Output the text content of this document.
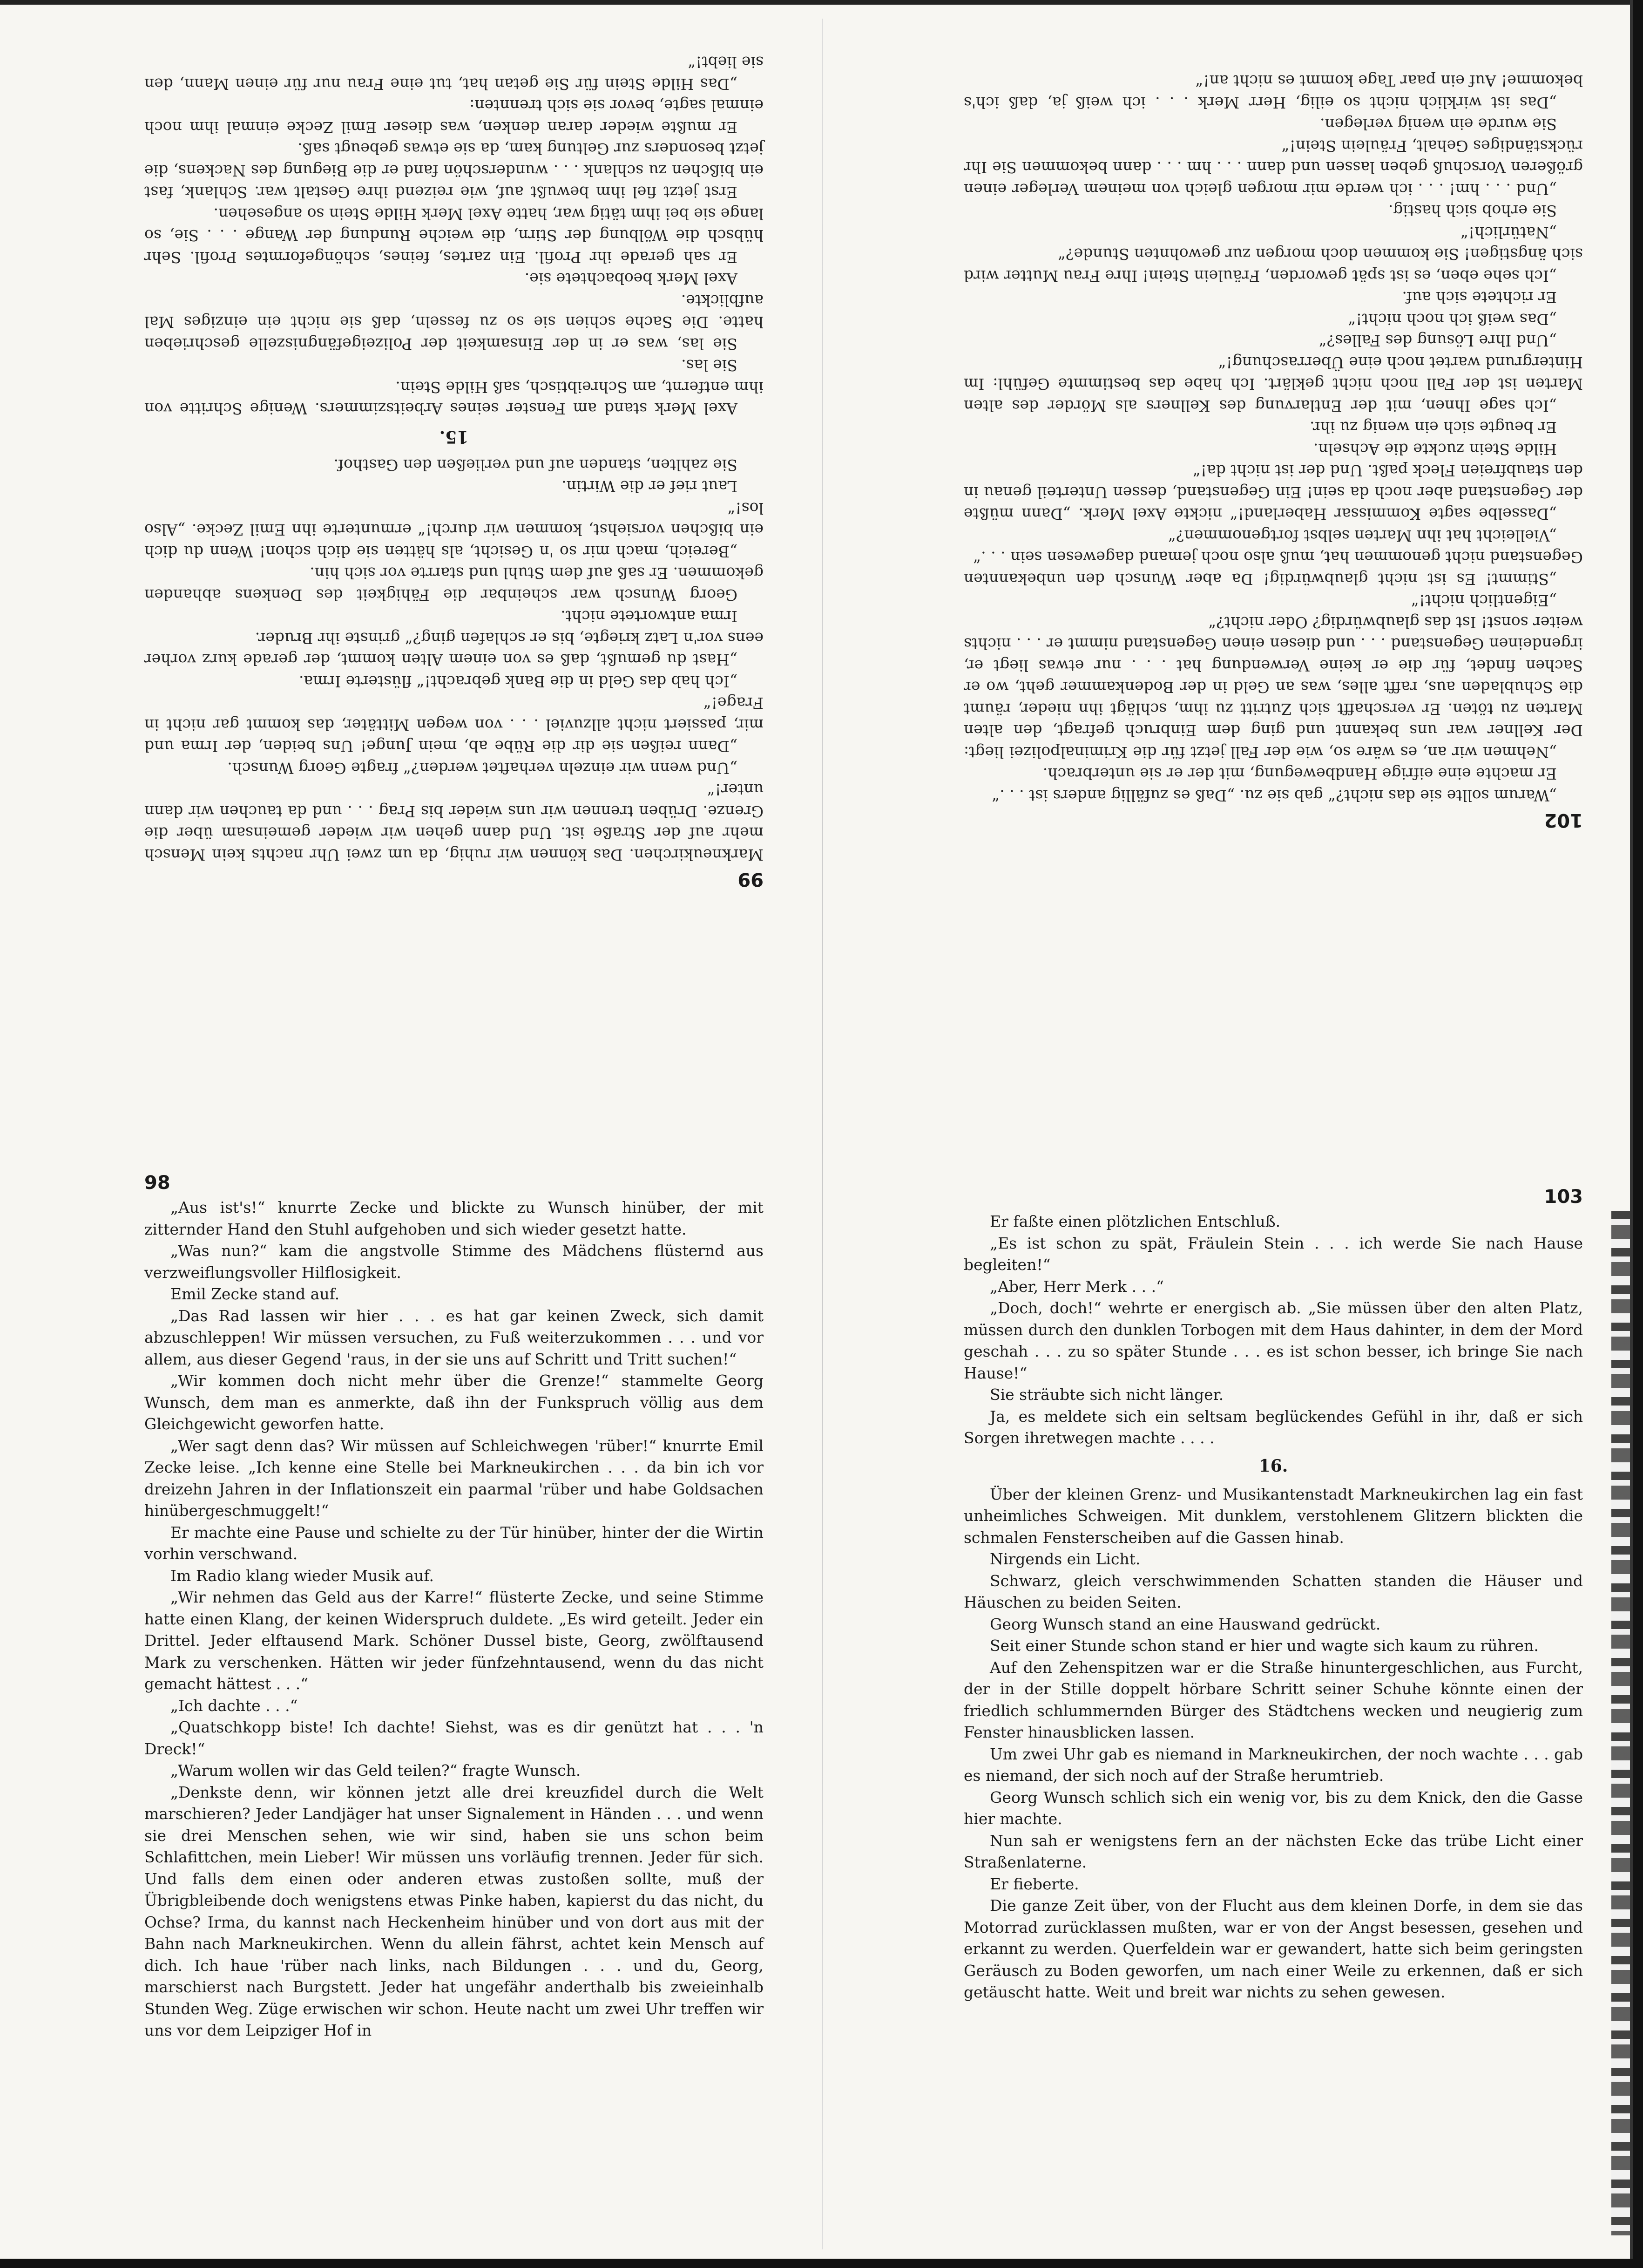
99

Markneukirchen. Das können wir ruhig, da um zwei Uhr nachts kein Mensch mehr auf der Straße ist. Und dann gehen wir wieder gemeinsam über die Grenze. Drüben trennen wir uns wieder bis Prag . . . und da tauchen wir dann unter!“

„Und wenn wir einzeln verhaftet werden?“ fragte Georg Wunsch.

„Dann reißen sie dir die Rübe ab, mein Junge! Uns beiden, der Irma und mir, passiert nicht allzuviel . . . von wegen Mittäter, das kommt gar nicht in Frage!“

„Ich hab das Geld in die Bank gebracht!“ flüsterte Irma.

„Hast du gemußt, daß es von einem Alten kommt, der gerade kurz vorher eens vor'n Latz kriegte, bis er schlafen ging?“ grinste ihr Bruder.

Irma antwortete nicht.

Georg Wunsch war scheinbar die Fähigkeit des Denkens abhanden gekommen. Er saß auf dem Stuhl und starrte vor sich hin.

„Bereich, mach mir so 'n Gesicht, als hätten sie dich schon! Wenn du dich ein bißchen vorsiehst, kommen wir durch!“ ermunterte ihn Emil Zecke. „Also los!“

Laut rief er die Wirtin.

Sie zahlten, standen auf und verließen den Gasthof.

15.

Axel Merk stand am Fenster seines Arbeitszimmers. Wenige Schritte von ihm entfernt, am Schreibtisch, saß Hilde Stein.

Sie las.

Sie las, was er in der Einsamkeit der Polizeigefängniszelle geschrieben hatte. Die Sache schien sie so zu fesseln, daß sie nicht ein einziges Mal aufblickte.

Axel Merk beobachtete sie.

Er sah gerade ihr Profil. Ein zartes, feines, schöngeformtes Profil. Sehr hübsch die Wölbung der Stirn, die weiche Rundung der Wange . . . Sie, so lange sie bei ihm tätig war, hatte Axel Merk Hilde Stein so angesehen.

Erst jetzt fiel ihm bewußt auf, wie reizend ihre Gestalt war. Schlank, fast ein bißchen zu schlank . . . wunderschön fand er die Biegung des Nackens, die jetzt besonders zur Geltung kam, da sie etwas gebeugt saß.

Er mußte wieder daran denken, was dieser Emil Zecke einmal ihm noch einmal sagte, bevor sie sich trennten:

„Das Hilde Stein für Sie getan hat, tut eine Frau nur für einen Mann, den sie liebt!“

102

„Warum sollte sie das nicht?“ gab sie zu. „Daß es zufällig anders ist . . .“

Er machte eine eifrige Handbewegung, mit der er sie unterbrach.

„Nehmen wir an, es wäre so, wie der Fall jetzt für die Kriminalpolizei liegt: Der Kellner war uns bekannt und ging dem Einbruch gefragt, den alten Marten zu töten. Er verschafft sich Zutritt zu ihm, schlägt ihn nieder, räumt die Schubladen aus, rafft alles, was an Geld in der Bodenkammer geht, wo er Sachen findet, für die er keine Verwendung hat . . . nur etwas liegt er, irgendeinen Gegenstand . . . und diesen einen Gegenstand nimmt er . . . nichts weiter sonst! Ist das glaubwürdig? Oder nicht?“

„Eigentlich nicht!“

„Stimmt! Es ist nicht glaubwürdig! Da aber Wunsch den unbekannten Gegenstand nicht genommen hat, muß also noch jemand dagewesen sein . . .“

„Vielleicht hat ihn Marten selbst fortgenommen?“

„Dasselbe sagte Kommissar Haberland!“ nickte Axel Merk. „Dann müßte der Gegenstand aber noch da sein! Ein Gegenstand, dessen Unterteil genau in den staubfreien Fleck paßt. Und der ist nicht da!“

Hilde Stein zuckte die Achseln.

Er beugte sich ein wenig zu ihr.

„Ich sage Ihnen, mit der Entlarvung des Kellners als Mörder des alten Marten ist der Fall noch nicht geklärt. Ich habe das bestimmte Gefühl: Im Hintergrund wartet noch eine Überraschung!“

„Und Ihre Lösung des Falles?“

„Das weiß ich noch nicht!“

Er richtete sich auf.

„Ich sehe eben, es ist spät geworden, Fräulein Stein! Ihre Frau Mutter wird sich ängstigen! Sie kommen doch morgen zur gewohnten Stunde?“

„Natürlich!“

Sie erhob sich hastig.

„Und . . . hm! . . . ich werde mir morgen gleich von meinem Verleger einen größeren Vorschuß geben lassen und dann . . . hm . . . dann bekommen Sie Ihr rückständiges Gehalt, Fräulein Stein!“

Sie wurde ein wenig verlegen.

„Das ist wirklich nicht so eilig, Herr Merk . . . ich weiß ja, daß ich's bekomme! Auf ein paar Tage kommt es nicht an!“

98

„Aus ist's!“ knurrte Zecke und blickte zu Wunsch hinüber, der mit zitternder Hand den Stuhl aufgehoben und sich wieder gesetzt hatte.

„Was nun?“ kam die angstvolle Stimme des Mädchens flüsternd aus verzweiflungsvoller Hilflosigkeit.

Emil Zecke stand auf.

„Das Rad lassen wir hier . . . es hat gar keinen Zweck, sich damit abzuschleppen! Wir müssen versuchen, zu Fuß weiterzukommen . . . und vor allem, aus dieser Gegend 'raus, in der sie uns auf Schritt und Tritt suchen!“

„Wir kommen doch nicht mehr über die Grenze!“ stammelte Georg Wunsch, dem man es anmerkte, daß ihn der Funkspruch völlig aus dem Gleichgewicht geworfen hatte.

„Wer sagt denn das? Wir müssen auf Schleichwegen 'rüber!“ knurrte Emil Zecke leise. „Ich kenne eine Stelle bei Markneukirchen . . . da bin ich vor dreizehn Jahren in der Inflationszeit ein paarmal 'rüber und habe Goldsachen hinübergeschmuggelt!“

Er machte eine Pause und schielte zu der Tür hinüber, hinter der die Wirtin vorhin verschwand.

Im Radio klang wieder Musik auf.

„Wir nehmen das Geld aus der Karre!“ flüsterte Zecke, und seine Stimme hatte einen Klang, der keinen Widerspruch duldete. „Es wird geteilt. Jeder ein Drittel. Jeder elftausend Mark. Schöner Dussel biste, Georg, zwölftausend Mark zu verschenken. Hätten wir jeder fünfzehntausend, wenn du das nicht gemacht hättest . . .“

„Ich dachte . . .“

„Quatschkopp biste! Ich dachte! Siehst, was es dir genützt hat . . . 'n Dreck!“

„Warum wollen wir das Geld teilen?“ fragte Wunsch.

„Denkste denn, wir können jetzt alle drei kreuzfidel durch die Welt marschieren? Jeder Landjäger hat unser Signalement in Händen . . . und wenn sie drei Menschen sehen, wie wir sind, haben sie uns schon beim Schlafittchen, mein Lieber! Wir müssen uns vorläufig trennen. Jeder für sich. Und falls dem einen oder anderen etwas zustoßen sollte, muß der Übrigbleibende doch wenigstens etwas Pinke haben, kapierst du das nicht, du Ochse? Irma, du kannst nach Heckenheim hinüber und von dort aus mit der Bahn nach Markneukirchen. Wenn du allein fährst, achtet kein Mensch auf dich. Ich haue 'rüber nach links, nach Bildungen . . . und du, Georg, marschierst nach Burgstett. Jeder hat ungefähr anderthalb bis zweieinhalb Stunden Weg. Züge erwischen wir schon. Heute nacht um zwei Uhr treffen wir uns vor dem Leipziger Hof in

103

Er faßte einen plötzlichen Entschluß.

„Es ist schon zu spät, Fräulein Stein . . . ich werde Sie nach Hause begleiten!“

„Aber, Herr Merk . . .“

„Doch, doch!“ wehrte er energisch ab. „Sie müssen über den alten Platz, müssen durch den dunklen Torbogen mit dem Haus dahinter, in dem der Mord geschah . . . zu so später Stunde . . . es ist schon besser, ich bringe Sie nach Hause!“

Sie sträubte sich nicht länger.

Ja, es meldete sich ein seltsam beglückendes Gefühl in ihr, daß er sich Sorgen ihretwegen machte . . . .

16.

Über der kleinen Grenz- und Musikantenstadt Markneukirchen lag ein fast unheimliches Schweigen. Mit dunklem, verstohlenem Glitzern blickten die schmalen Fensterscheiben auf die Gassen hinab.

Nirgends ein Licht.

Schwarz, gleich verschwimmenden Schatten standen die Häuser und Häuschen zu beiden Seiten.

Georg Wunsch stand an eine Hauswand gedrückt.

Seit einer Stunde schon stand er hier und wagte sich kaum zu rühren.

Auf den Zehenspitzen war er die Straße hinuntergeschlichen, aus Furcht, der in der Stille doppelt hörbare Schritt seiner Schuhe könnte einen der friedlich schlummernden Bürger des Städtchens wecken und neugierig zum Fenster hinausblicken lassen.

Um zwei Uhr gab es niemand in Markneukirchen, der noch wachte . . . gab es niemand, der sich noch auf der Straße herumtrieb.

Georg Wunsch schlich sich ein wenig vor, bis zu dem Knick, den die Gasse hier machte.

Nun sah er wenigstens fern an der nächsten Ecke das trübe Licht einer Straßenlaterne.

Er fieberte.

Die ganze Zeit über, von der Flucht aus dem kleinen Dorfe, in dem sie das Motorrad zurücklassen mußten, war er von der Angst besessen, gesehen und erkannt zu werden. Querfeldein war er gewandert, hatte sich beim geringsten Geräusch zu Boden geworfen, um nach einer Weile zu erkennen, daß er sich getäuscht hatte. Weit und breit war nichts zu sehen gewesen.
